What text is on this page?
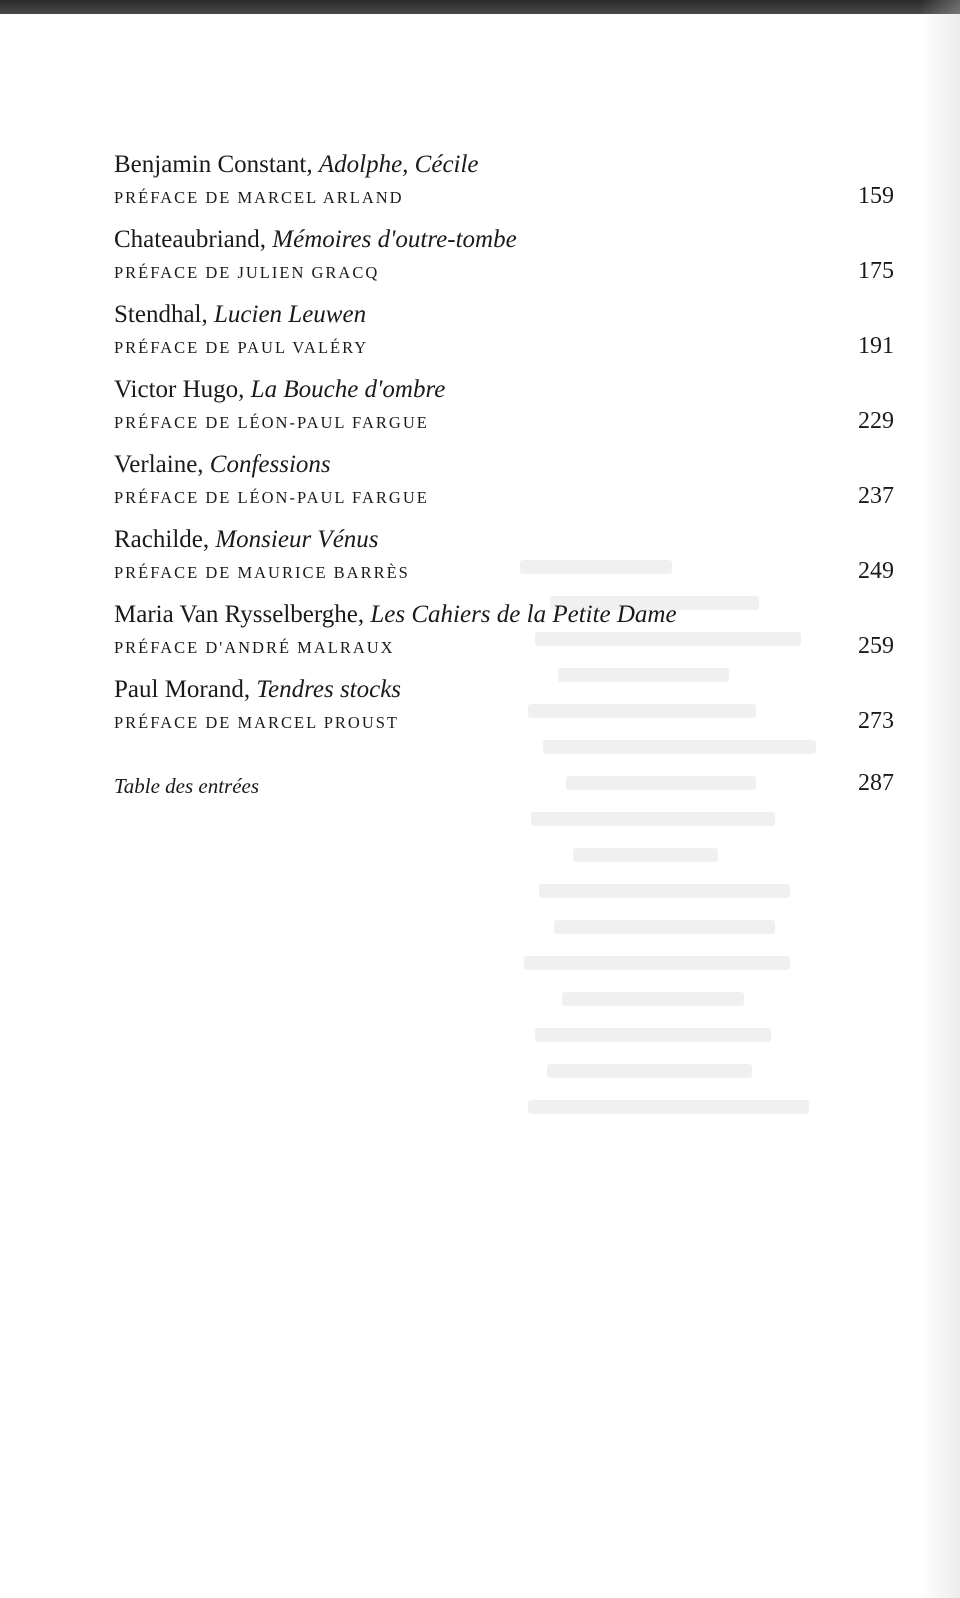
Benjamin Constant, Adolphe, Cécile
PRÉFACE DE MARCEL ARLAND	159
Chateaubriand, Mémoires d'outre-tombe
PRÉFACE DE JULIEN GRACQ	175
Stendhal, Lucien Leuwen
PRÉFACE DE PAUL VALÉRY	191
Victor Hugo, La Bouche d'ombre
PRÉFACE DE LÉON-PAUL FARGUE	229
Verlaine, Confessions
PRÉFACE DE LÉON-PAUL FARGUE	237
Rachilde, Monsieur Vénus
PRÉFACE DE MAURICE BARRÈS	249
Maria Van Rysselberghe, Les Cahiers de la Petite Dame
PRÉFACE D'ANDRÉ MALRAUX	259
Paul Morand, Tendres stocks
PRÉFACE DE MARCEL PROUST	273
Table des entrées	287
